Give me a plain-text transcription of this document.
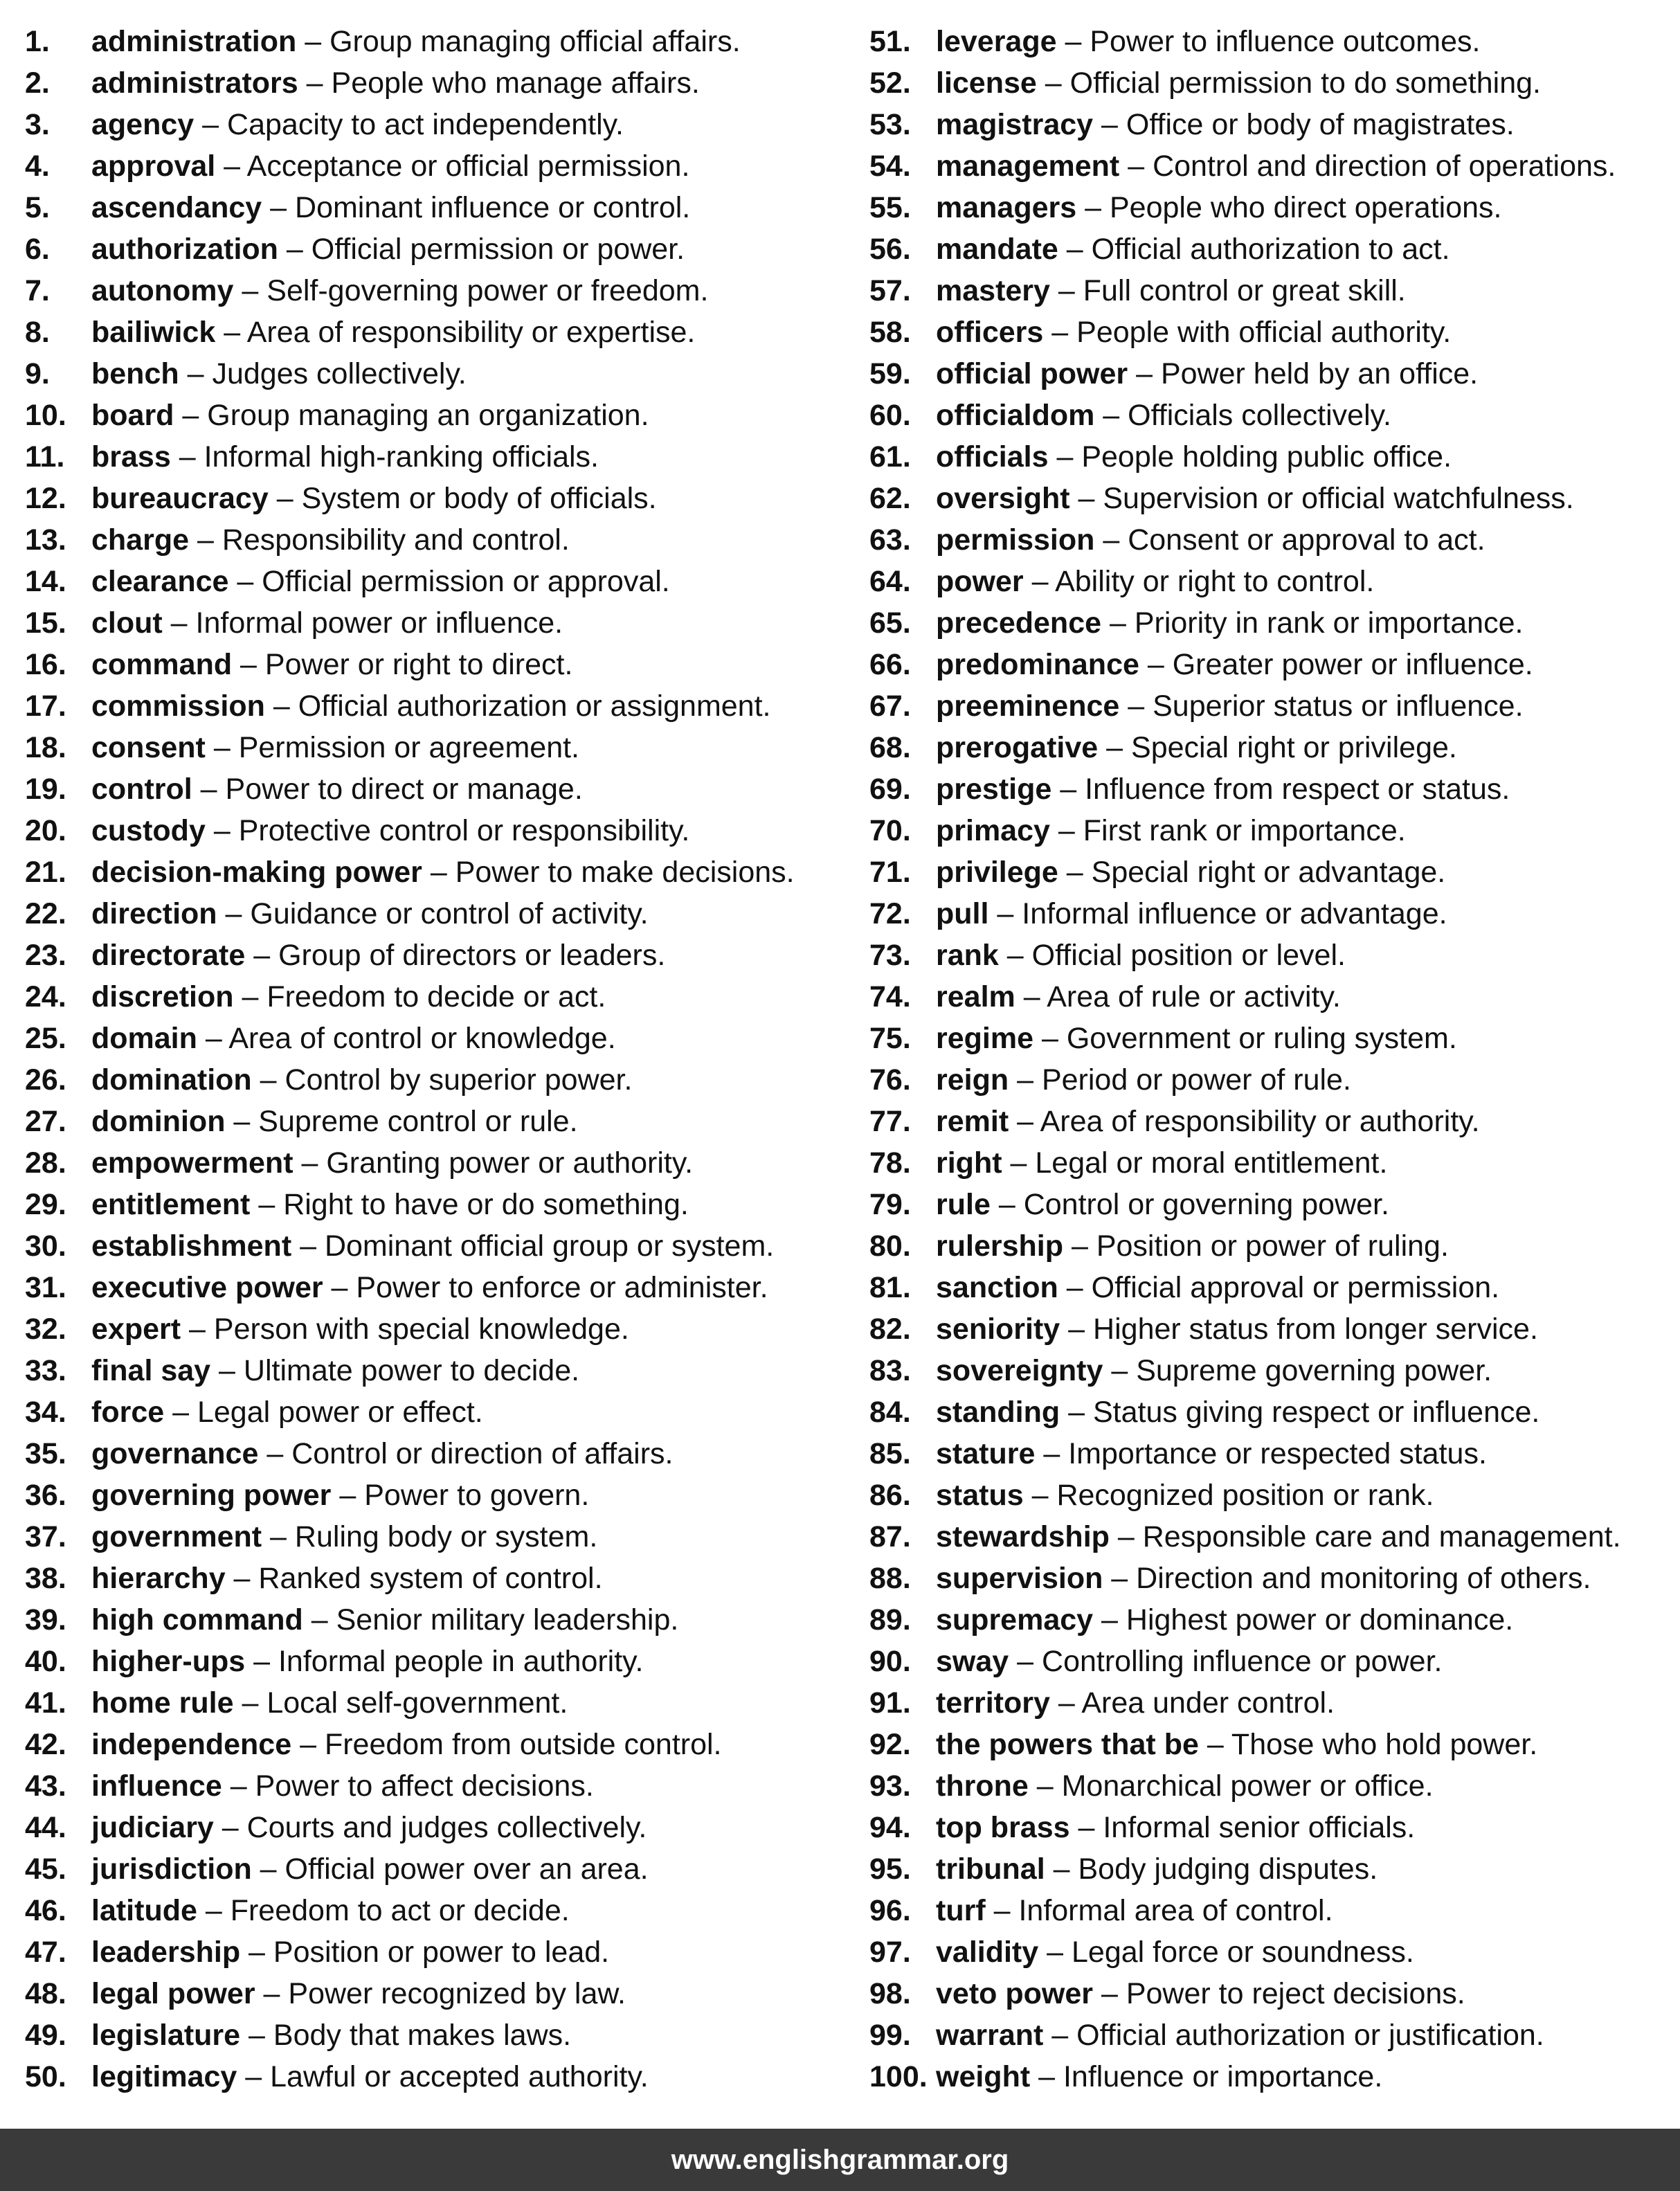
1. administration – Group managing official affairs.
2. administrators – People who manage affairs.
3. agency – Capacity to act independently.
4. approval – Acceptance or official permission.
5. ascendancy – Dominant influence or control.
6. authorization – Official permission or power.
7. autonomy – Self-governing power or freedom.
8. bailiwick – Area of responsibility or expertise.
9. bench – Judges collectively.
10. board – Group managing an organization.
11. brass – Informal high-ranking officials.
12. bureaucracy – System or body of officials.
13. charge – Responsibility and control.
14. clearance – Official permission or approval.
15. clout – Informal power or influence.
16. command – Power or right to direct.
17. commission – Official authorization or assignment.
18. consent – Permission or agreement.
19. control – Power to direct or manage.
20. custody – Protective control or responsibility.
21. decision-making power – Power to make decisions.
22. direction – Guidance or control of activity.
23. directorate – Group of directors or leaders.
24. discretion – Freedom to decide or act.
25. domain – Area of control or knowledge.
26. domination – Control by superior power.
27. dominion – Supreme control or rule.
28. empowerment – Granting power or authority.
29. entitlement – Right to have or do something.
30. establishment – Dominant official group or system.
31. executive power – Power to enforce or administer.
32. expert – Person with special knowledge.
33. final say – Ultimate power to decide.
34. force – Legal power or effect.
35. governance – Control or direction of affairs.
36. governing power – Power to govern.
37. government – Ruling body or system.
38. hierarchy – Ranked system of control.
39. high command – Senior military leadership.
40. higher-ups – Informal people in authority.
41. home rule – Local self-government.
42. independence – Freedom from outside control.
43. influence – Power to affect decisions.
44. judiciary – Courts and judges collectively.
45. jurisdiction – Official power over an area.
46. latitude – Freedom to act or decide.
47. leadership – Position or power to lead.
48. legal power – Power recognized by law.
49. legislature – Body that makes laws.
50. legitimacy – Lawful or accepted authority.
51. leverage – Power to influence outcomes.
52. license – Official permission to do something.
53. magistracy – Office or body of magistrates.
54. management – Control and direction of operations.
55. managers – People who direct operations.
56. mandate – Official authorization to act.
57. mastery – Full control or great skill.
58. officers – People with official authority.
59. official power – Power held by an office.
60. officialdom – Officials collectively.
61. officials – People holding public office.
62. oversight – Supervision or official watchfulness.
63. permission – Consent or approval to act.
64. power – Ability or right to control.
65. precedence – Priority in rank or importance.
66. predominance – Greater power or influence.
67. preeminence – Superior status or influence.
68. prerogative – Special right or privilege.
69. prestige – Influence from respect or status.
70. primacy – First rank or importance.
71. privilege – Special right or advantage.
72. pull – Informal influence or advantage.
73. rank – Official position or level.
74. realm – Area of rule or activity.
75. regime – Government or ruling system.
76. reign – Period or power of rule.
77. remit – Area of responsibility or authority.
78. right – Legal or moral entitlement.
79. rule – Control or governing power.
80. rulership – Position or power of ruling.
81. sanction – Official approval or permission.
82. seniority – Higher status from longer service.
83. sovereignty – Supreme governing power.
84. standing – Status giving respect or influence.
85. stature – Importance or respected status.
86. status – Recognized position or rank.
87. stewardship – Responsible care and management.
88. supervision – Direction and monitoring of others.
89. supremacy – Highest power or dominance.
90. sway – Controlling influence or power.
91. territory – Area under control.
92. the powers that be – Those who hold power.
93. throne – Monarchical power or office.
94. top brass – Informal senior officials.
95. tribunal – Body judging disputes.
96. turf – Informal area of control.
97. validity – Legal force or soundness.
98. veto power – Power to reject decisions.
99. warrant – Official authorization or justification.
100. weight – Influence or importance.
www.englishgrammar.org
